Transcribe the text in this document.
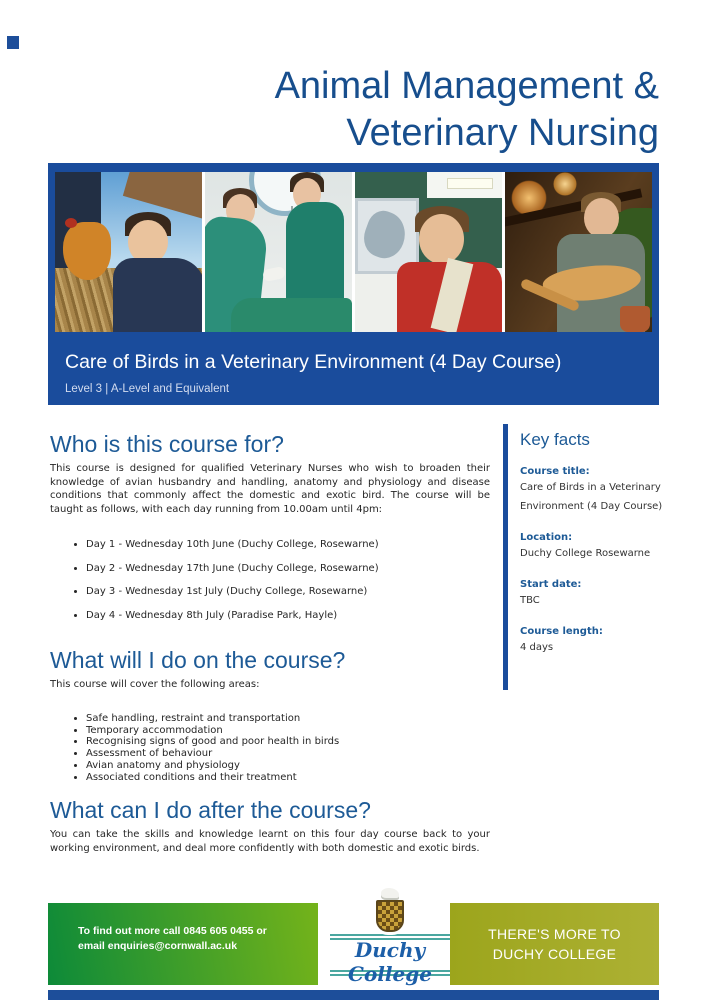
Animal Management &
Veterinary Nursing
Care of Birds in a Veterinary Environment (4 Day Course)
Level 3 | A-Level and Equivalent
Who is this course for?

This course is designed for qualified Veterinary Nurses who wish to broaden their knowledge of avian husbandry and handling, anatomy and physiology and disease conditions that commonly affect the domestic and exotic bird. The course will be taught as follows, with each day running from 10.00am until 4pm:

• Day 1 - Wednesday 10th June (Duchy College, Rosewarne)
• Day 2 - Wednesday 17th June (Duchy College, Rosewarne)
• Day 3 - Wednesday 1st July (Duchy College, Rosewarne)
• Day 4 - Wednesday 8th July (Paradise Park, Hayle)
What will I do on the course?

This course will cover the following areas:

• Safe handling, restraint and transportation
• Temporary accommodation
• Recognising signs of good and poor health in birds
• Assessment of behaviour
• Avian anatomy and physiology
• Associated conditions and their treatment
What can I do after the course?

You can take the skills and knowledge learnt on this four day course back to your working environment, and deal more confidently with both domestic and exotic birds.

Key facts
Course title:
Care of Birds in a Veterinary Environment (4 Day Course)
Location:
Duchy College Rosewarne
Start date:
TBC
Course length:
4 days
To find out more call 0845 605 0455 or
email enquiries@cornwall.ac.uk	Duchy College
THERE'S MORE TO
DUCHY COLLEGE
